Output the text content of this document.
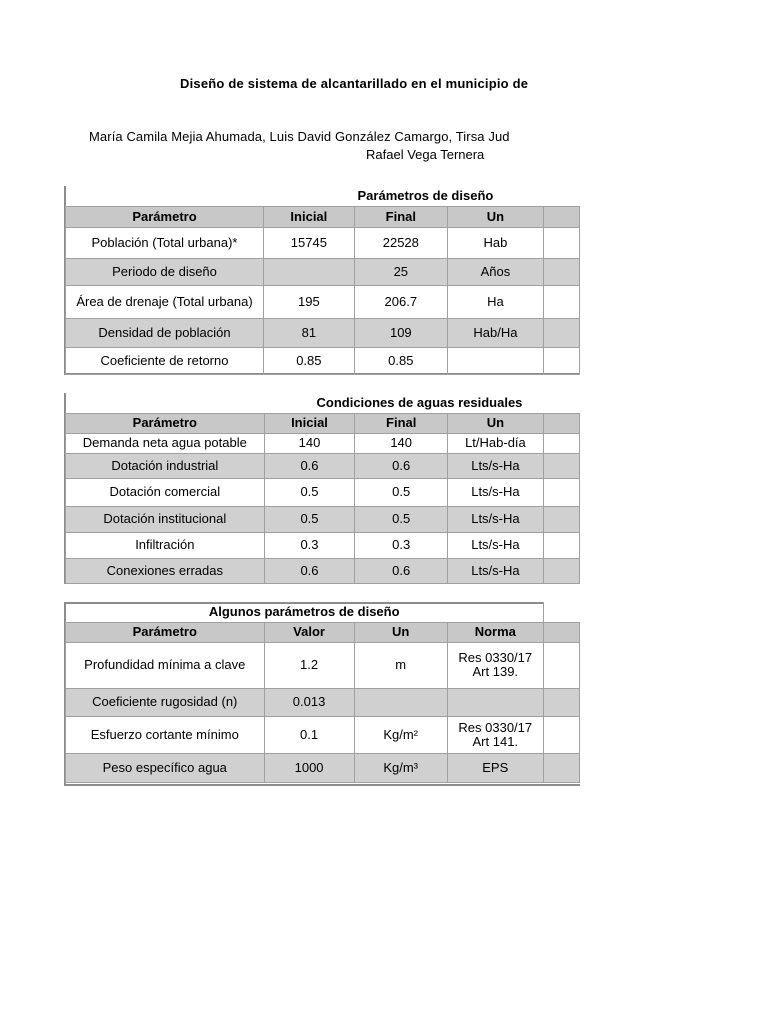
Diseño de sistema de alcantarillado en el municipio de
María Camila Mejia Ahumada, Luis David González Camargo, Tirsa Jud
Rafael Vega Ternera
Parámetros de diseño				
Parámetro	Inicial	Final	Un	
Población (Total urbana)*	15745	22528	Hab	
Periodo de diseño		25	Años	
Área de drenaje (Total urbana)	195	206.7	Ha	
Densidad de población	81	109	Hab/Ha	
Coeficiente de retorno	0.85	0.85		
Condiciones de aguas residuales				
Parámetro	Inicial	Final	Un	
Demanda neta agua potable	140	140	Lt/Hab-día	
Dotación industrial	0.6	0.6	Lts/s-Ha	
Dotación comercial	0.5	0.5	Lts/s-Ha	
Dotación institucional	0.5	0.5	Lts/s-Ha	
Infiltración	0.3	0.3	Lts/s-Ha	
Conexiones erradas	0.6	0.6	Lts/s-Ha	
Algunos parámetros de diseño				
Parámetro	Valor	Un	Norma	
Profundidad mínima a clave	1.2	m	Res 0330/17 Art 139.	
Coeficiente rugosidad (n)	0.013			
Esfuerzo cortante mínimo	0.1	Kg/m²	Res 0330/17 Art 141.	
Peso específico agua	1000	Kg/m³	EPS	
